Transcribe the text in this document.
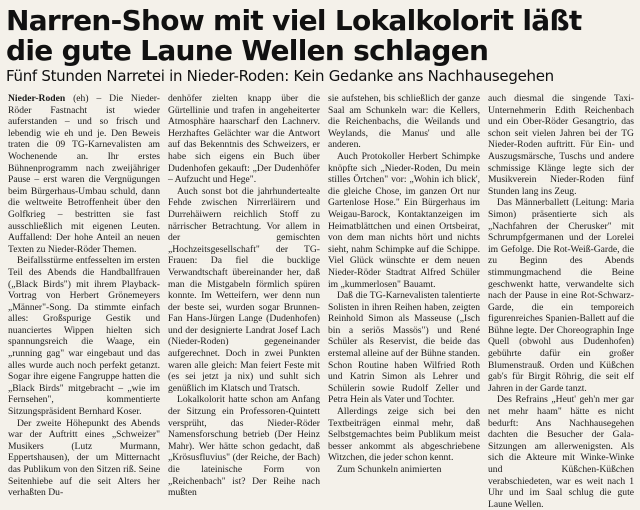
Narren-Show mit viel Lokalkolorit läßt die gute Laune Wellen schlagen
Fünf Stunden Narretei in Nieder-Roden: Kein Gedanke ans Nachhausegehen

Nieder-Roden (eh) – Die Nieder-Röder Fastnacht ist wieder auferstanden – und so frisch und lebendig wie eh und je. Den Beweis traten die 09 TG-Karnevalisten am Wochenende an. Ihr erstes Bühnenprogramm nach zweijähriger Pause – erst waren die Vergnügungen beim Bürgerhaus-Umbau schuld, dann die weltweite Betroffenheit über den Golfkrieg – bestritten sie fast ausschließlich mit eigenen Leuten. Auffallend: Der hohe Anteil an neuen Texten zu Nieder-Röder Themen.

Beifallsstürme entfesselten im ersten Teil des Abends die Handballfrauen („Black Birds") mit ihrem Playback-Vortrag von Herbert Grönemeyers „Männer"-Song. Da stimmte einfach alles: Großspurige Gestik und nuanciertes Wippen hielten sich spannungsreich die Waage, ein „running gag" war eingebaut und das alles wurde auch noch perfekt getanzt. Sogar ihre eigene Fangruppe hatten die „Black Birds" mitgebracht – „wie im Fernsehen", kommentierte Sitzungspräsident Bernhard Koser.

Der zweite Höhepunkt des Abends war der Auftritt eines „Schweizer" Musikers (Lutz Murmann, Eppertshausen), der um Mitternacht das Publikum von den Sitzen riß. Seine Seitenhiebe auf die seit Alters her verhaßten Du-

denhöfer zielten knapp über die Gürtellinie und trafen in angeheiterter Atmosphäre haarscharf den Lachnerv. Herzhaftes Gelächter war die Antwort auf das Bekenntnis des Schweizers, er habe sich eigens ein Buch über Dudenhofen gekauft: „Der Dudenhöfer – Aufzucht und Hege".

Auch sonst bot die jahrhundertealte Fehde zwischen Nirrerläirern und Durrehäiwern reichlich Stoff zu närrischer Betrachtung. Vor allem in der gemischten „Hochzeitsgesellschaft" der TG-Frauen: Da fiel die bucklige Verwandtschaft übereinander her, daß man die Mistgabeln förmlich spüren konnte. Im Wetteifern, wer denn nun der beste sei, wurden sogar Brunnen-Fan Hans-Jürgen Lange (Dudenhofen) und der designierte Landrat Josef Lach (Nieder-Roden) gegeneinander aufgerechnet. Doch in zwei Punkten waren alle gleich: Man feiert Feste mit (es sei jetzt ja nix) und suhlt sich genüßlich im Klatsch und Tratsch.

Lokalkolorit hatte schon am Anfang der Sitzung ein Professoren-Quintett versprüht, das Nieder-Röder Namensforschung betrieb (Der Heinz Mahr). Wer hätte schon gedacht, daß „Krösusfluvius" (der Reiche, der Bach) die lateinische Form von „Reichenbach" ist? Der Reihe nach mußten

sie aufstehen, bis schließlich der ganze Saal am Schunkeln war: die Kellers, die Reichenbachs, die Weilands und Weylands, die Manus' und alle anderen.

Auch Protokoller Herbert Schimpke knöpfte sich „Nieder-Roden, Du mein stilles Örtchen" vor: „Wohin ich blick', die gleiche Chose, im ganzen Ort nur Gartenlose Hose." Ein Bürgerhaus im Weigau-Barock, Kontaktanzeigen im Heimatblättchen und einen Ortsbeirat, von dem man nichts hört und nichts sieht, nahm Schimpke auf die Schippe. Viel Glück wünschte er dem neuen Nieder-Röder Stadtrat Alfred Schüler im „kummerlosen" Bauamt.

Daß die TG-Karnevalisten talentierte Solisten in ihren Reihen haben, zeigten Reinhold Simon als Masseuse („Isch bin a seriös Massös") und René Schüler als Reservist, die beide das erstemal alleine auf der Bühne standen. Schon Routine haben Wilfried Roth und Katrin Simon als Lehrer und Schülerin sowie Rudolf Zeller und Petra Hein als Vater und Tochter.

Allerdings zeige sich bei den Textbeiträgen einmal mehr, daß Selbstgemachtes beim Publikum meist besser ankommt als abgeschriebene Witzchen, die jeder schon kennt.

Zum Schunkeln animierten

auch diesmal die singende Taxi-Unternehmerin Edith Reichenbach und ein Ober-Röder Gesangtrio, das schon seit vielen Jahren bei der TG Nieder-Roden auftritt. Für Ein- und Auszugsmärsche, Tuschs und andere schmissige Klänge legte sich der Musikverein Nieder-Roden fünf Stunden lang ins Zeug.

Das Männerballett (Leitung: Maria Simon) präsentierte sich als „Nachfahren der Cherusker" mit Schrumpfgermanen und der Lorelei im Gefolge. Die Rot-Weiß-Garde, die zu Beginn des Abends stimmungmachend die Beine geschwenkt hatte, verwandelte sich nach der Pause in eine Rot-Schwarz-Garde, die ein temporeich figurenreiches Spanien-Ballett auf die Bühne legte. Der Choreographin Inge Quell (obwohl aus Dudenhofen) gebührte dafür ein großer Blumenstrauß. Orden und Küßchen gab's für Birgit Röhrig, die seit elf Jahren in der Garde tanzt.

Des Refrains „Heut' geh'n mer gar net mehr haam" hätte es nicht bedurft: Ans Nachhausegehen dachten die Besucher der Gala-Sitzungen am allerwenigsten. Als sich die Akteure mit Winke-Winke und Küßchen-Küßchen verabschiedeten, war es weit nach 1 Uhr und im Saal schlug die gute Laune Wellen.
